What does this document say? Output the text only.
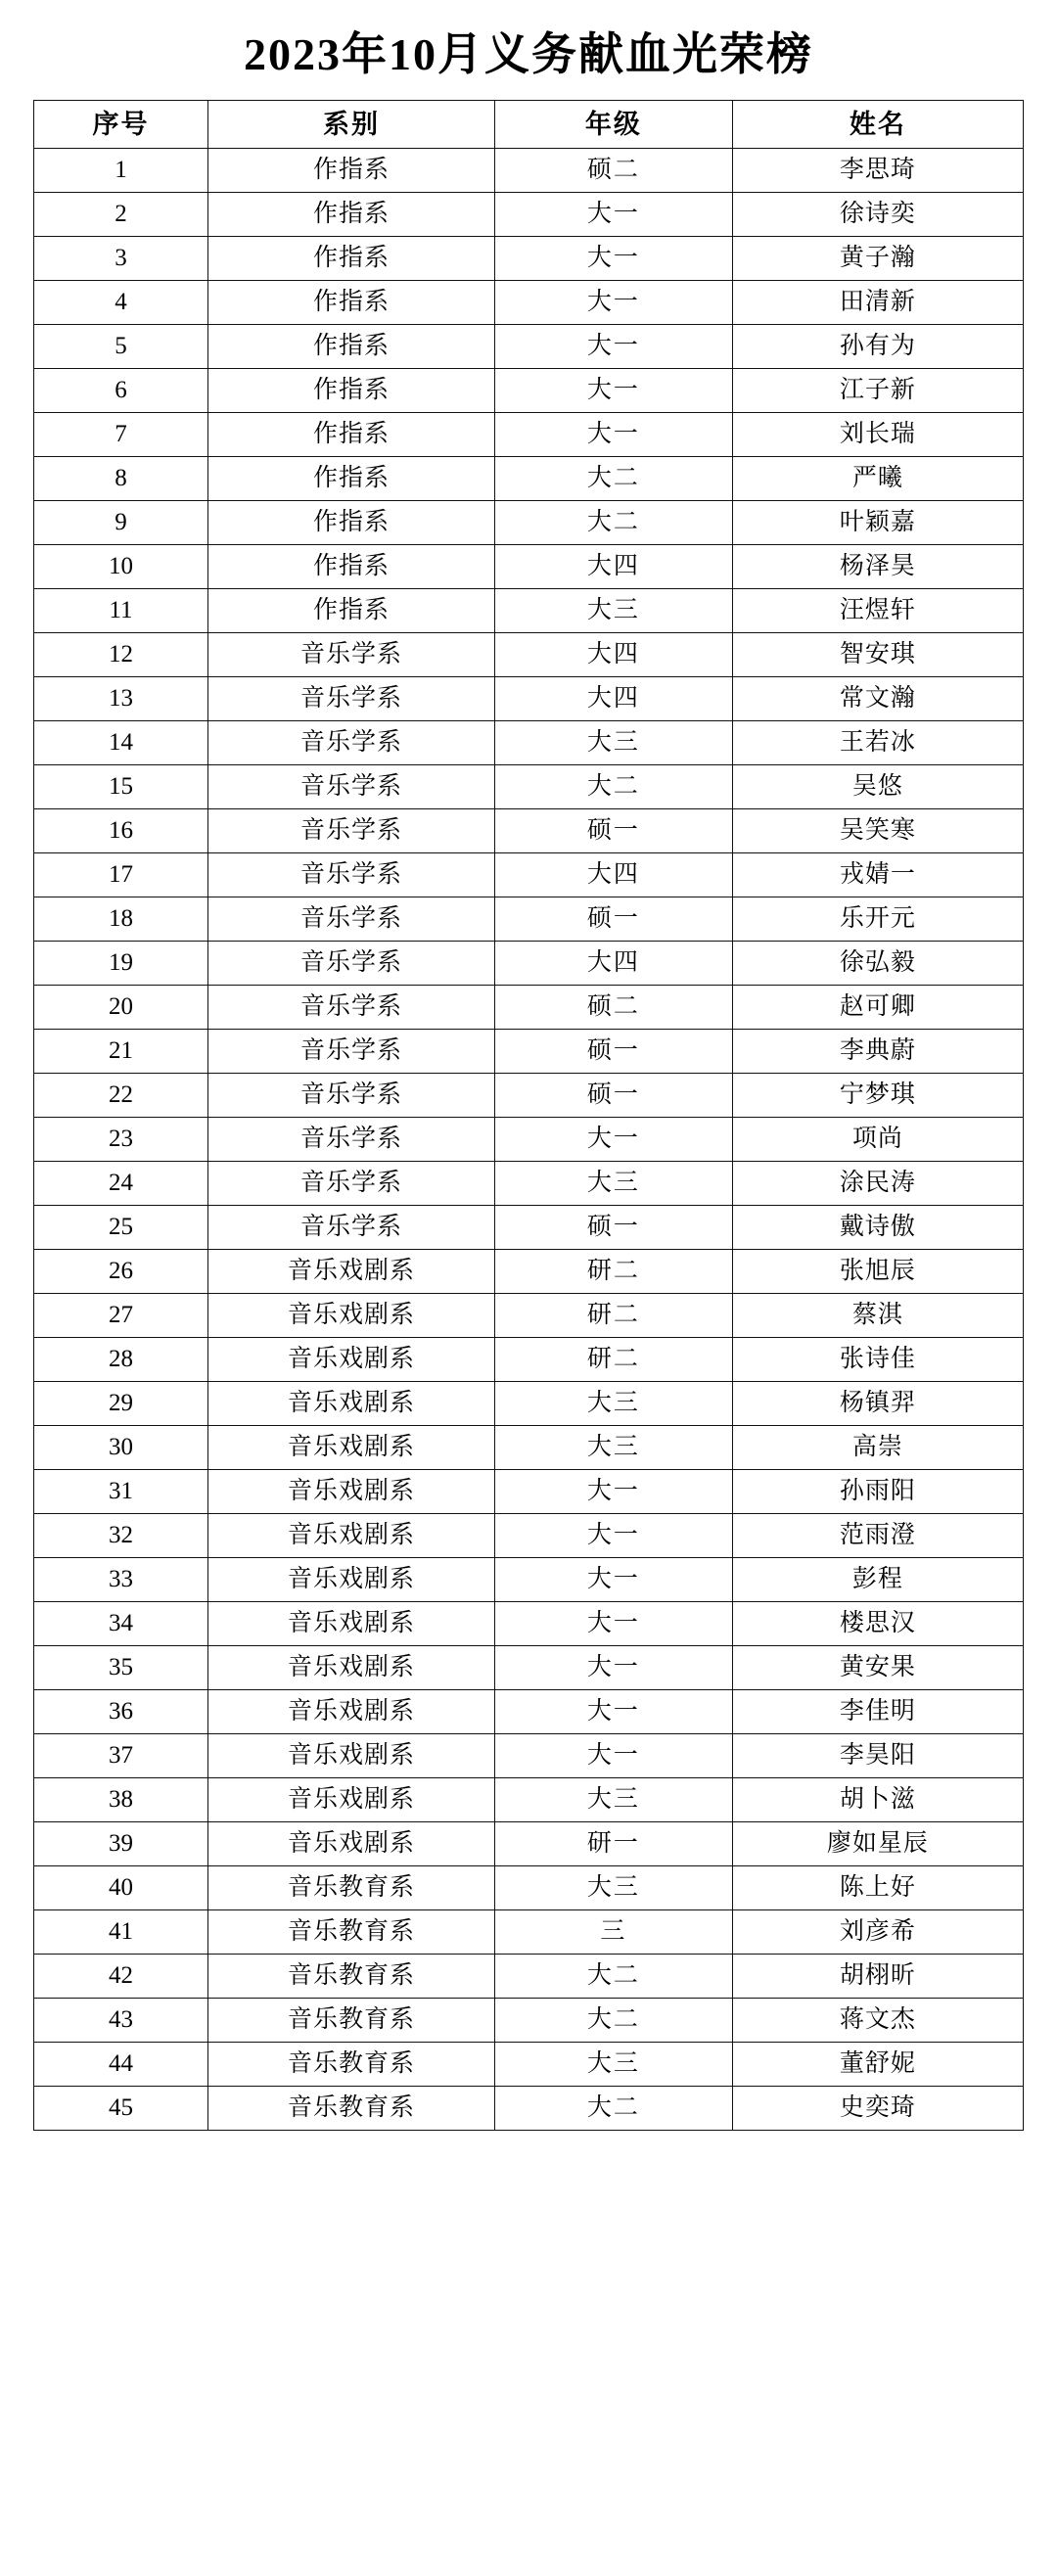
2023年10月义务献血光荣榜
序号	系别	年级	姓名
1	作指系	硕二	李思琦
2	作指系	大一	徐诗奕
3	作指系	大一	黄子瀚
4	作指系	大一	田清新
5	作指系	大一	孙有为
6	作指系	大一	江子新
7	作指系	大一	刘长瑞
8	作指系	大二	严曦
9	作指系	大二	叶颖嘉
10	作指系	大四	杨泽昊
11	作指系	大三	汪煜轩
12	音乐学系	大四	智安琪
13	音乐学系	大四	常文瀚
14	音乐学系	大三	王若冰
15	音乐学系	大二	吴悠
16	音乐学系	硕一	吴笑寒
17	音乐学系	大四	戎婧一
18	音乐学系	硕一	乐开元
19	音乐学系	大四	徐弘毅
20	音乐学系	硕二	赵可卿
21	音乐学系	硕一	李典蔚
22	音乐学系	硕一	宁梦琪
23	音乐学系	大一	项尚
24	音乐学系	大三	涂民涛
25	音乐学系	硕一	戴诗傲
26	音乐戏剧系	研二	张旭辰
27	音乐戏剧系	研二	蔡淇
28	音乐戏剧系	研二	张诗佳
29	音乐戏剧系	大三	杨镇羿
30	音乐戏剧系	大三	高崇
31	音乐戏剧系	大一	孙雨阳
32	音乐戏剧系	大一	范雨澄
33	音乐戏剧系	大一	彭程
34	音乐戏剧系	大一	楼思汉
35	音乐戏剧系	大一	黄安果
36	音乐戏剧系	大一	李佳明
37	音乐戏剧系	大一	李昊阳
38	音乐戏剧系	大三	胡卜滋
39	音乐戏剧系	研一	廖如星辰
40	音乐教育系	大三	陈上好
41	音乐教育系	三	刘彦希
42	音乐教育系	大二	胡栩昕
43	音乐教育系	大二	蒋文杰
44	音乐教育系	大三	董舒妮
45	音乐教育系	大二	史奕琦
